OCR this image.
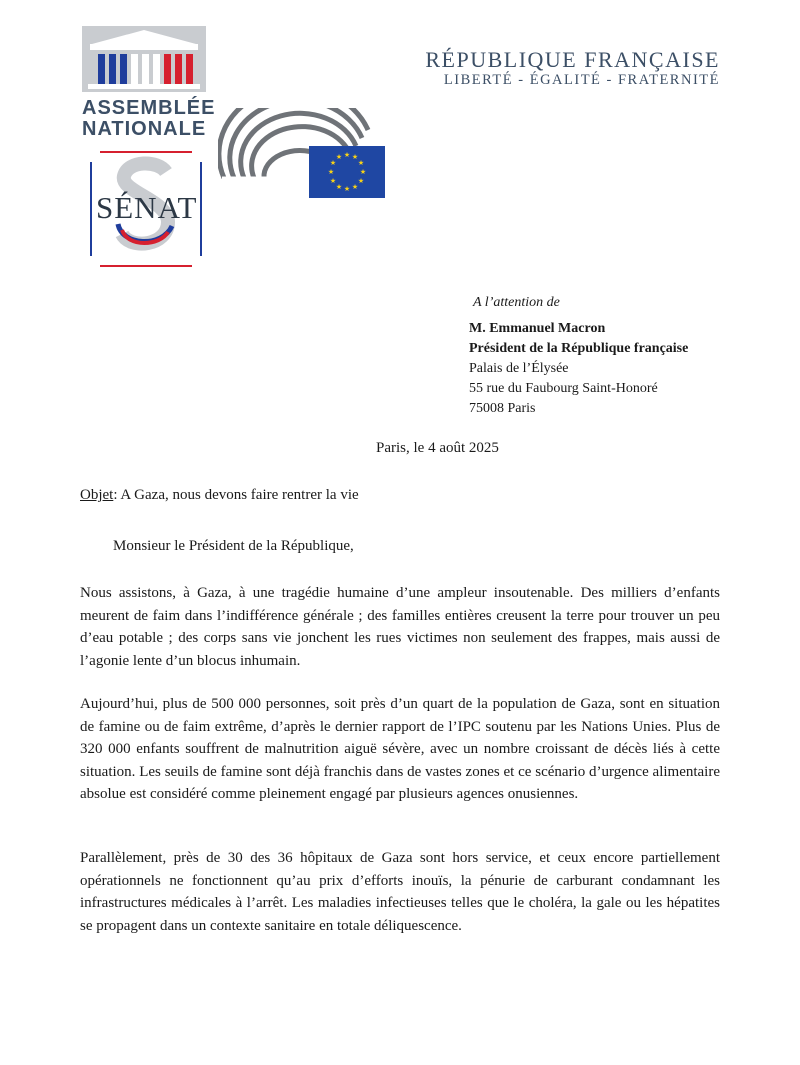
ASSEMBLÉE
NATIONALE
SÉNAT
★ ★
★
★
★
★
★
★
★
★
★
★
RÉPUBLIQUE FRANÇAISE
LIBERTÉ - ÉGALITÉ - FRATERNITÉ
A l’attention de
M. Emmanuel Macron
Président de la République française
Palais de l’Élysée
55 rue du Faubourg Saint-Honoré
75008 Paris
Paris, le 4 août 2025
Objet: A Gaza, nous devons faire rentrer la vie
Monsieur le Président de la République,

Nous assistons, à Gaza, à une tragédie humaine d’une ampleur insoutenable. Des milliers d’enfants meurent de faim dans l’indifférence générale ; des familles entières creusent la terre pour trouver un peu d’eau potable ; des corps sans vie jonchent les rues victimes non seulement des frappes, mais aussi de l’agonie lente d’un blocus inhumain.

Aujourd’hui, plus de 500 000 personnes, soit près d’un quart de la population de Gaza, sont en situation de famine ou de faim extrême, d’après le dernier rapport de l’IPC soutenu par les Nations Unies. Plus de 320 000 enfants souffrent de malnutrition aiguë sévère, avec un nombre croissant de décès liés à cette situation. Les seuils de famine sont déjà franchis dans de vastes zones et ce scénario d’urgence alimentaire absolue est considéré comme pleinement engagé par plusieurs agences onusiennes.

Parallèlement, près de 30 des 36 hôpitaux de Gaza sont hors service, et ceux encore partiellement opérationnels ne fonctionnent qu’au prix d’efforts inouïs, la pénurie de carburant condamnant les infrastructures médicales à l’arrêt. Les maladies infectieuses telles que le choléra, la gale ou les hépatites se propagent dans un contexte sanitaire en totale déliquescence.
